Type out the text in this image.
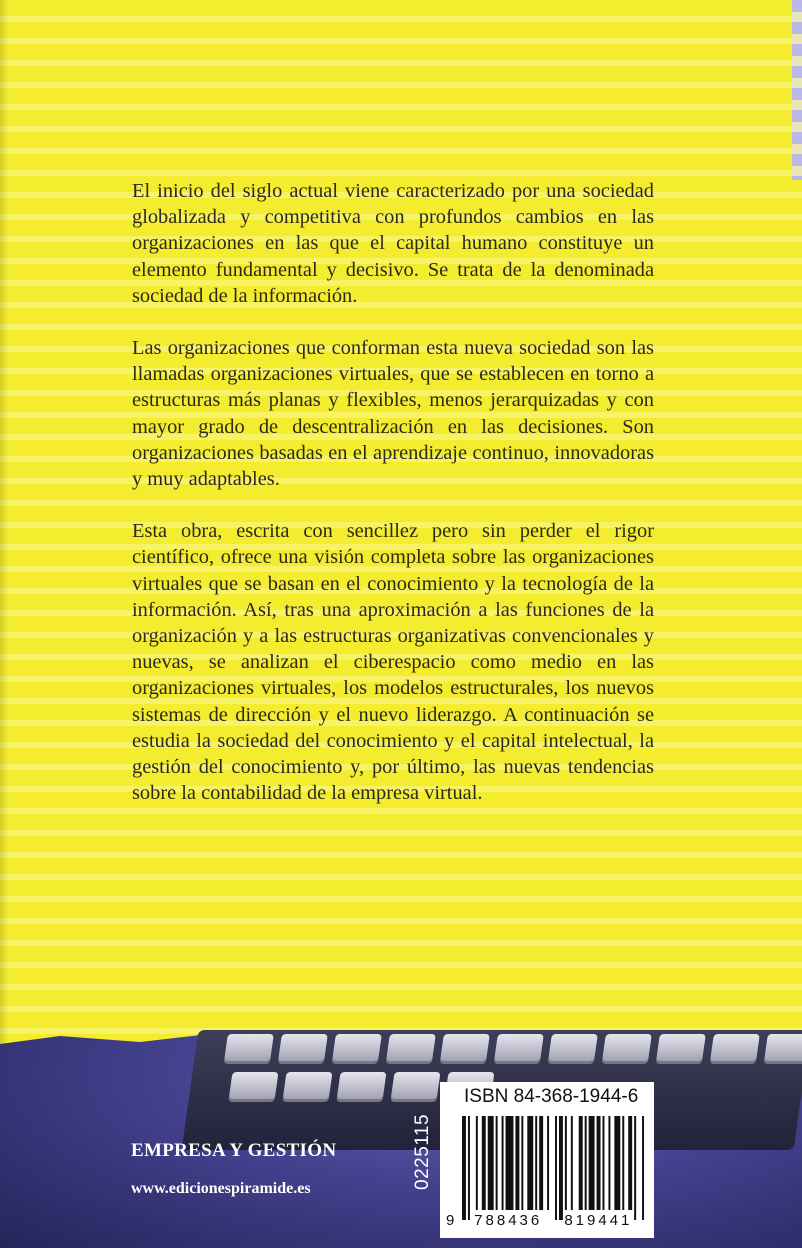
El inicio del siglo actual viene caracterizado por una sociedad globalizada y competitiva con profundos cambios en las organizaciones en las que el capital humano constituye un elemento fundamental y decisivo. Se trata de la denominada sociedad de la información.

Las organizaciones que conforman esta nueva sociedad son las llamadas organizaciones virtuales, que se establecen en torno a estructuras más planas y flexibles, menos jerarquizadas y con mayor grado de descentralización en las decisiones. Son organizaciones basadas en el aprendizaje continuo, innovadoras y muy adaptables.

Esta obra, escrita con sencillez pero sin perder el rigor científico, ofrece una visión completa sobre las organizaciones virtuales que se basan en el conocimiento y la tecnología de la información. Así, tras una aproximación a las funciones de la organización y a las estructuras organizativas convencionales y nuevas, se analizan el ciberespacio como medio en las organizaciones virtuales, los modelos estructurales, los nuevos sistemas de dirección y el nuevo liderazgo. A continuación se estudia la sociedad del conocimiento y el capital intelectual, la gestión del conocimiento y, por último, las nuevas tendencias sobre la contabilidad de la empresa virtual.

EMPRESA Y GESTIÓN
www.edicionespiramide.es	0225115
ISBN 84-368-1944-6
9 788436 819441
